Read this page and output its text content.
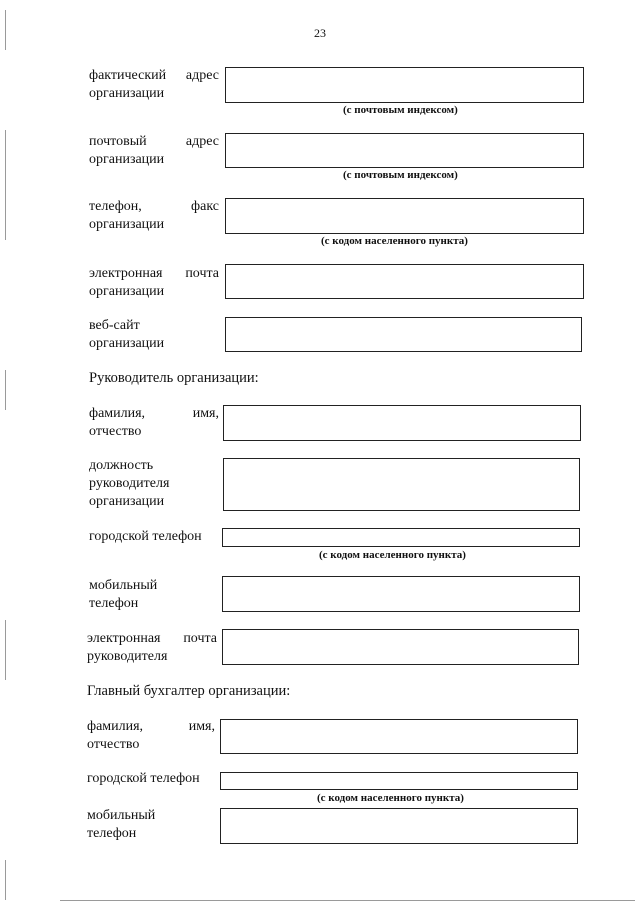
23
фактический адрес
организации
(с почтовым индексом)
почтовый адрес
организации
(с почтовым индексом)
телефон, факс
организации
(с кодом населенного пункта)
электронная почта
организации
веб-сайт
организации
Руководитель организации:
фамилия, имя,
отчество
должность
руководителя
организации
городской телефон
(с кодом населенного пункта)
мобильный
телефон
электронная почта
руководителя
Главный бухгалтер организации:
фамилия, имя,
отчество
городской телефон
(с кодом населенного пункта)
мобильный
телефон
